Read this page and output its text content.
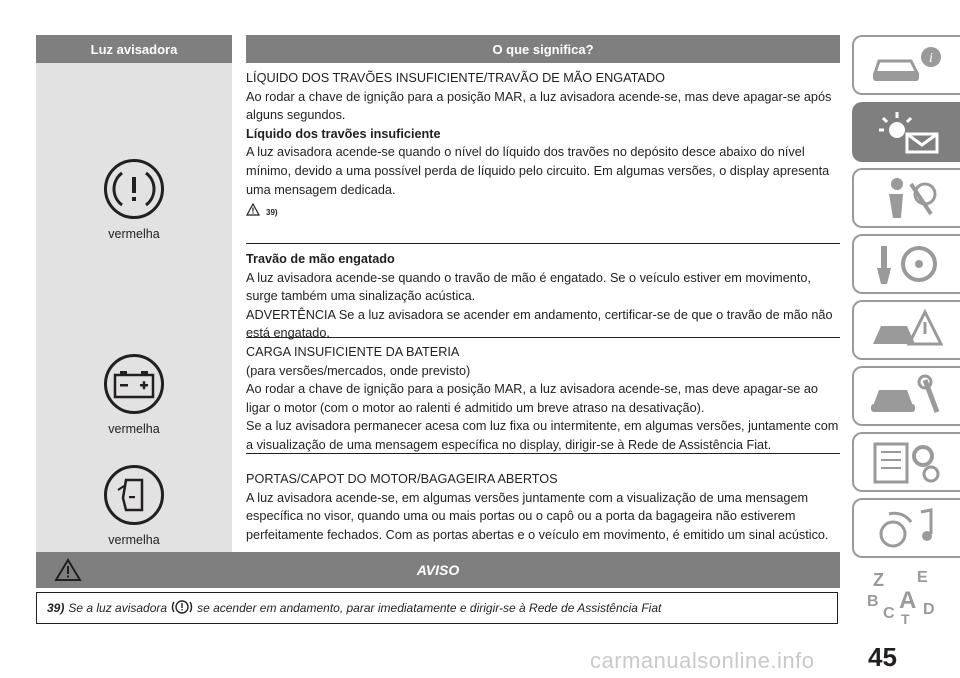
Luz avisadora	O que significa?
vermelha

LÍQUIDO DOS TRAVÕES INSUFICIENTE/TRAVÃO DE MÃO ENGATADO

Ao rodar a chave de ignição para a posição MAR, a luz avisadora acende-se, mas deve apagar-se após alguns segundos.

Líquido dos travões insuficiente

A luz avisadora acende-se quando o nível do líquido dos travões no depósito desce abaixo do nível mínimo, devido a uma possível perda de líquido pelo circuito. Em algumas versões, o display apresenta uma mensagem dedicada.

39)

Travão de mão engatado

A luz avisadora acende-se quando o travão de mão é engatado. Se o veículo estiver em movimento, surge também uma sinalização acústica.

ADVERTÊNCIA Se a luz avisadora se acender em andamento, certificar-se de que o travão de mão não está engatado.

vermelha

CARGA INSUFICIENTE DA BATERIA

(para versões/mercados, onde previsto)

Ao rodar a chave de ignição para a posição MAR, a luz avisadora acende-se, mas deve apagar-se ao ligar o motor (com o motor ao ralenti é admitido um breve atraso na desativação).

Se a luz avisadora permanecer acesa com luz fixa ou intermitente, em algumas versões, juntamente com a visualização de uma mensagem específica no display, dirigir-se à Rede de Assistência Fiat.

vermelha

PORTAS/CAPOT DO MOTOR/BAGAGEIRA ABERTOS

A luz avisadora acende-se, em algumas versões juntamente com a visualização de uma mensagem específica no visor, quando uma ou mais portas ou o capô ou a porta da bagageira não estiverem perfeitamente fechados. Com as portas abertas e o veículo em movimento, é emitido um sinal acústico.

AVISO
39) Se a luz avisadora	se acender em andamento, parar imediatamente e dirigir-se à Rede de Assistência Fiat
i
Z E
B A D
C T
45
carmanualsonline.info
